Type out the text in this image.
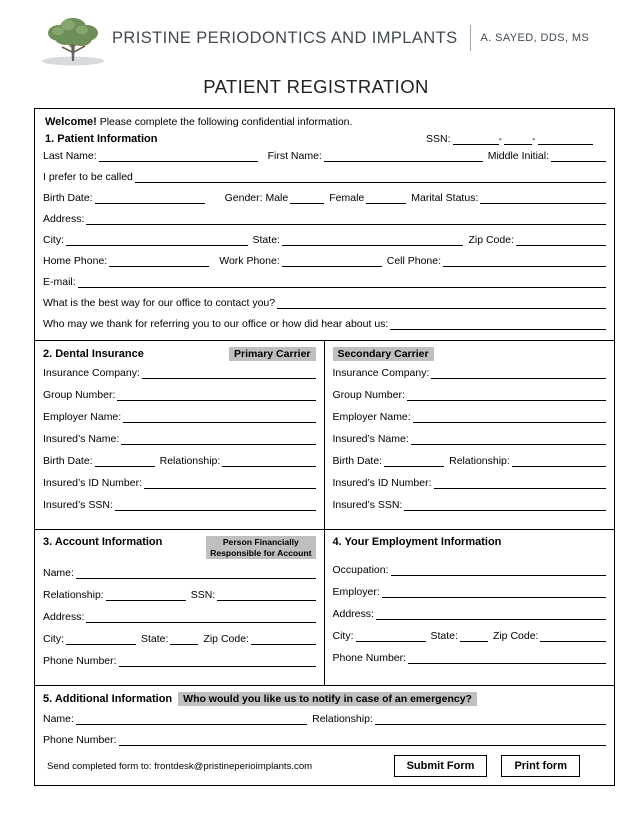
PRISTINE PERIODONTICS AND IMPLANTS A. SAYED, DDS, MS
PATIENT REGISTRATION
Welcome! Please complete the following confidential information.
1. Patient Information	SSN:	-	-
Last Name:	First Name:	Middle Initial:
I prefer to be called
Birth Date:	Gender: Male	Female	Marital Status:
Address:
City:	State:	Zip Code:
Home Phone:	Work Phone:	Cell Phone:
E-mail:
What is the best way for our office to contact you?
Who may we thank for referring you to our office or how did hear about us:
2. Dental Insurance	Primary Carrier
Insurance Company:
Group Number:
Employer Name:
Insured’s Name:
Birth Date:	Relationship:
Insured’s ID Number:
Insured’s SSN:
Secondary Carrier
Insurance Company:
Group Number:
Employer Name:
Insured’s Name:
Birth Date:	Relationship:
Insured’s ID Number:
Insured’s SSN:
3. Account Information	Person Financially
Responsible for Account
Name:
Relationship:	SSN:
Address:
City:	State:	Zip Code:
Phone Number:
4. Your Employment Information
Occupation:
Employer:
Address:
City:	State:	Zip Code:
Phone Number:
5. Additional Information	Who would you like us to notify in case of an emergency?
Name:	Relationship:
Phone Number:
Send completed form to: frontdesk@pristineperioimplants.com	Submit Form	Print form
